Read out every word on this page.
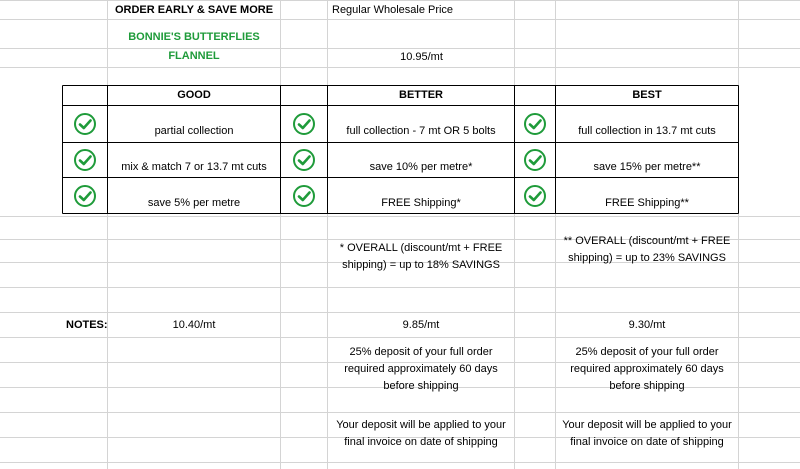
ORDER EARLY & SAVE MORE	Regular Wholesale Price
BONNIE'S BUTTERFLIES
FLANNEL	10.95/mt
GOOD	BETTER	BEST
partial collection	full collection - 7 mt OR 5 bolts	full collection in 13.7 mt cuts
mix & match 7 or 13.7 mt cuts	save 10% per metre*	save 15% per metre**
save 5% per metre	FREE Shipping*	FREE Shipping**
* OVERALL (discount/mt + FREE shipping) = up to 18% SAVINGS
** OVERALL (discount/mt + FREE shipping) = up to 23% SAVINGS
NOTES:	10.40/mt	9.85/mt	9.30/mt
25% deposit of your full order required approximately 60 days before shipping
25% deposit of your full order required approximately 60 days before shipping
Your deposit will be applied to your final invoice on date of shipping
Your deposit will be applied to your final invoice on date of shipping
